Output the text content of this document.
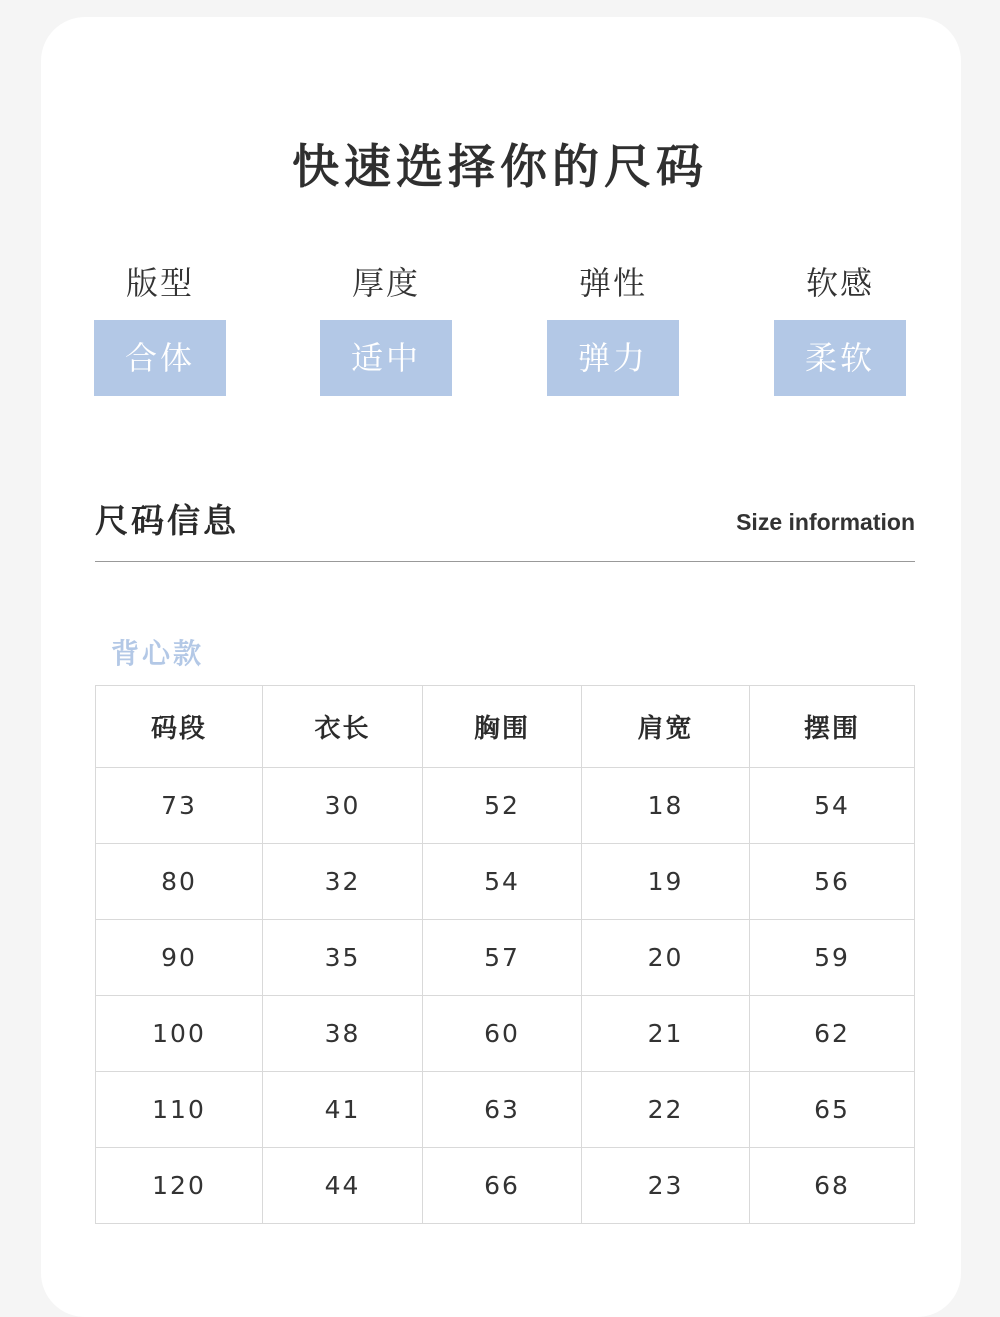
快速选择你的尺码
版型
合体
厚度
适中
弹性
弹力
软感
柔软
尺码信息	Size information
背心款
码段	衣长	胸围	肩宽	摆围
73	30	52	18	54
80	32	54	19	56
90	35	57	20	59
100	38	60	21	62
110	41	63	22	65
120	44	66	23	68
